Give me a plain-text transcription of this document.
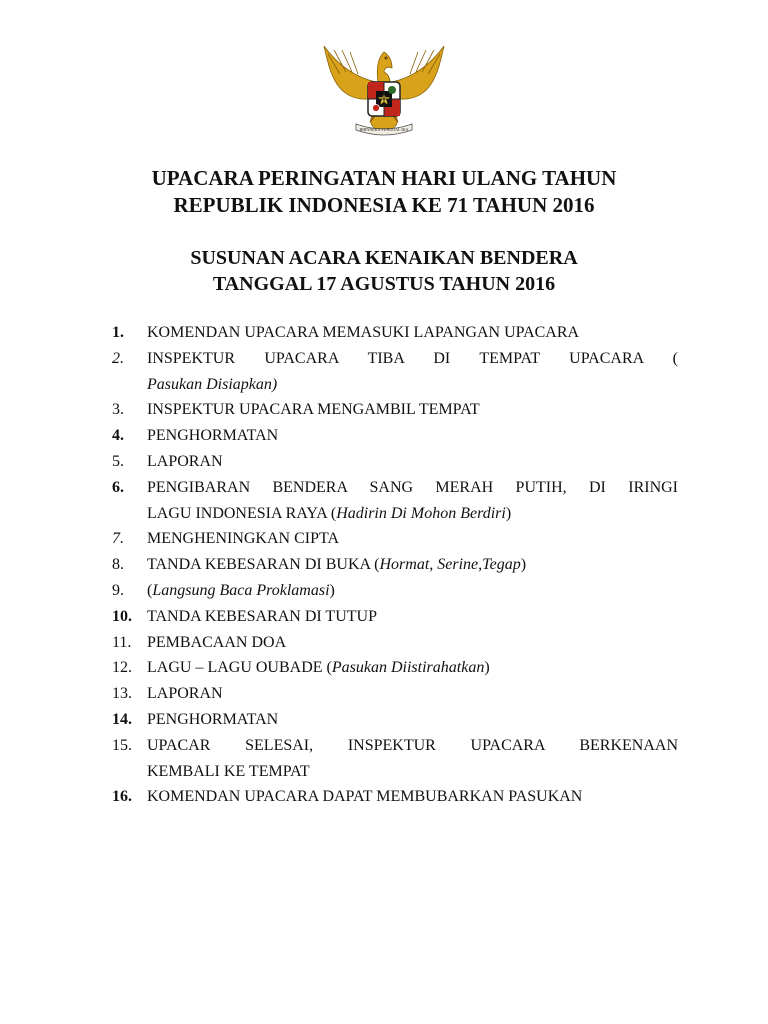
BHINNEKA TUNGGAL IKA
UPACARA PERINGATAN HARI ULANG TAHUN
REPUBLIK INDONESIA KE 71 TAHUN 2016
SUSUNAN ACARA KENAIKAN BENDERA
TANGGAL 17 AGUSTUS TAHUN 2016
1.	KOMENDAN UPACARA MEMASUKI LAPANGAN UPACARA
2.	INSPEKTUR UPACARA TIBA DI TEMPAT UPACARA (
Pasukan Disiapkan)
3.	INSPEKTUR UPACARA MENGAMBIL TEMPAT
4.	PENGHORMATAN
5.	LAPORAN
6.	PENGIBARAN BENDERA SANG MERAH PUTIH, DI IRINGI
LAGU INDONESIA RAYA (Hadirin Di Mohon Berdiri)
7.	MENGHENINGKAN CIPTA
8.	TANDA KEBESARAN DI BUKA (Hormat, Serine,Tegap)
9.	(Langsung Baca Proklamasi)
10. TANDA KEBESARAN DI TUTUP
11. PEMBACAAN DOA
12. LAGU – LAGU OUBADE (Pasukan Diistirahatkan)
13. LAPORAN
14. PENGHORMATAN
15. UPACAR SELESAI, INSPEKTUR UPACARA BERKENAAN
KEMBALI KE TEMPAT
16. KOMENDAN UPACARA DAPAT MEMBUBARKAN PASUKAN
